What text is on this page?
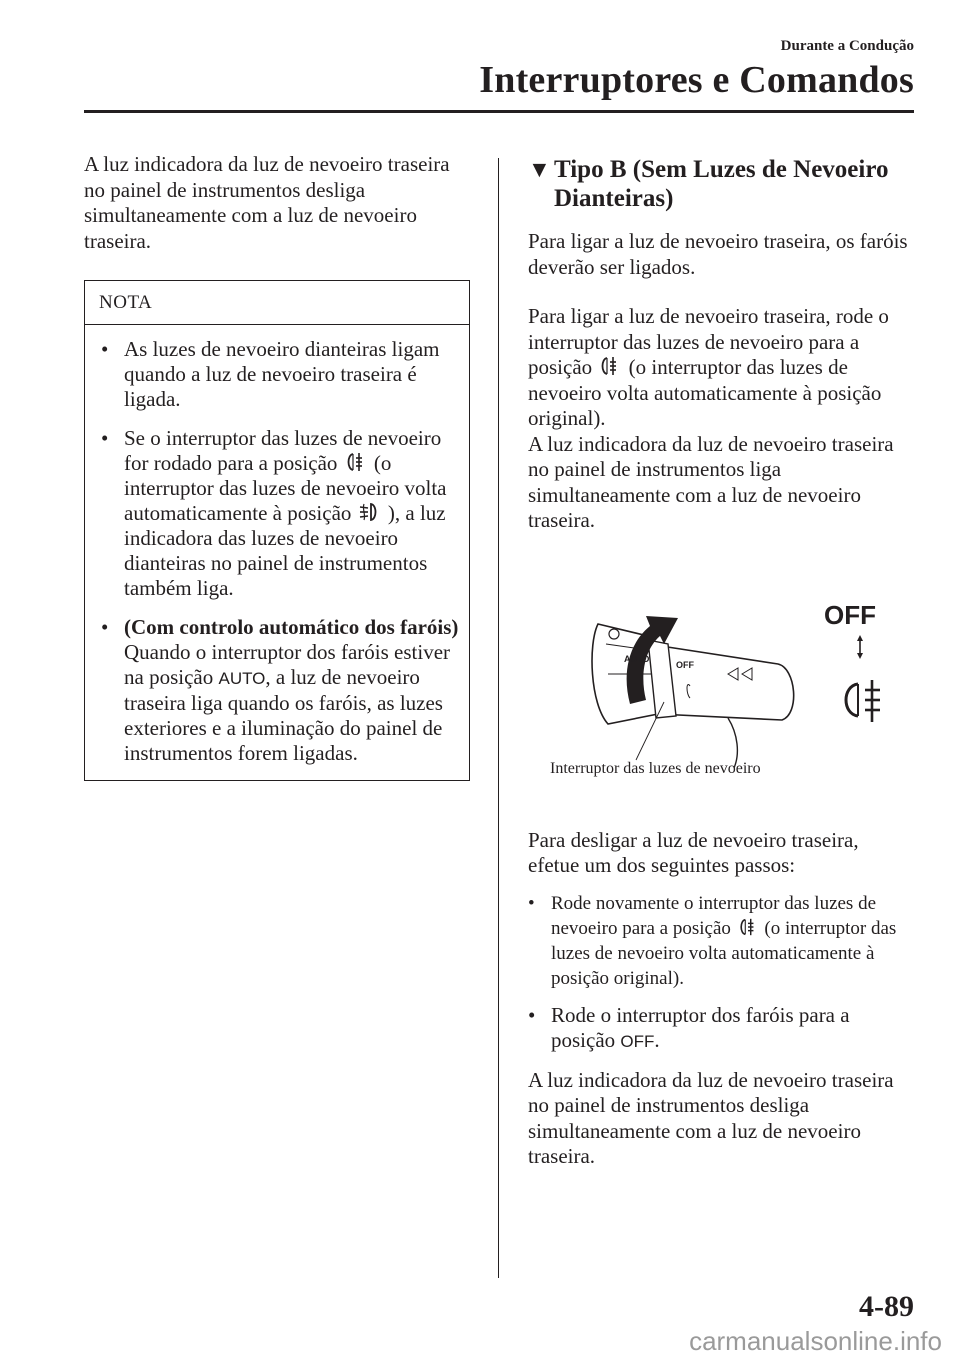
Durante a Condução
Interruptores e Comandos

A luz indicadora da luz de nevoeiro traseira no painel de instrumentos desliga simultaneamente com a luz de nevoeiro traseira.

NOTA
• As luzes de nevoeiro dianteiras ligam quando a luz de nevoeiro traseira é ligada.
• Se o interruptor das luzes de nevoeiro for rodado para a posição (o interruptor das luzes de nevoeiro volta automaticamente à posição ), a luz indicadora das luzes de nevoeiro dianteiras no painel de instrumentos também liga.
• (Com controlo automático dos faróis)
Quando o interruptor dos faróis estiver na posição AUTO, a luz de nevoeiro traseira liga quando os faróis, as luzes exteriores e a iluminação do painel de instrumentos forem ligadas.
▼ Tipo B (Sem Luzes de Nevoeiro Dianteiras)

Para ligar a luz de nevoeiro traseira, os faróis deverão ser ligados.

Para ligar a luz de nevoeiro traseira, rode o interruptor das luzes de nevoeiro para a posição (o interruptor das luzes de nevoeiro volta automaticamente à posição original).

A luz indicadora da luz de nevoeiro traseira no painel de instrumentos liga simultaneamente com a luz de nevoeiro traseira.

AUTO
OFF
OFF
Interruptor das luzes de nevoeiro

Para desligar a luz de nevoeiro traseira, efetue um dos seguintes passos:

• Rode novamente o interruptor das luzes de nevoeiro para a posição (o interruptor das luzes de nevoeiro volta automaticamente à posição original).
• Rode o interruptor dos faróis para a posição OFF.

A luz indicadora da luz de nevoeiro traseira no painel de instrumentos desliga simultaneamente com a luz de nevoeiro traseira.

4-89
carmanualsonline.info
